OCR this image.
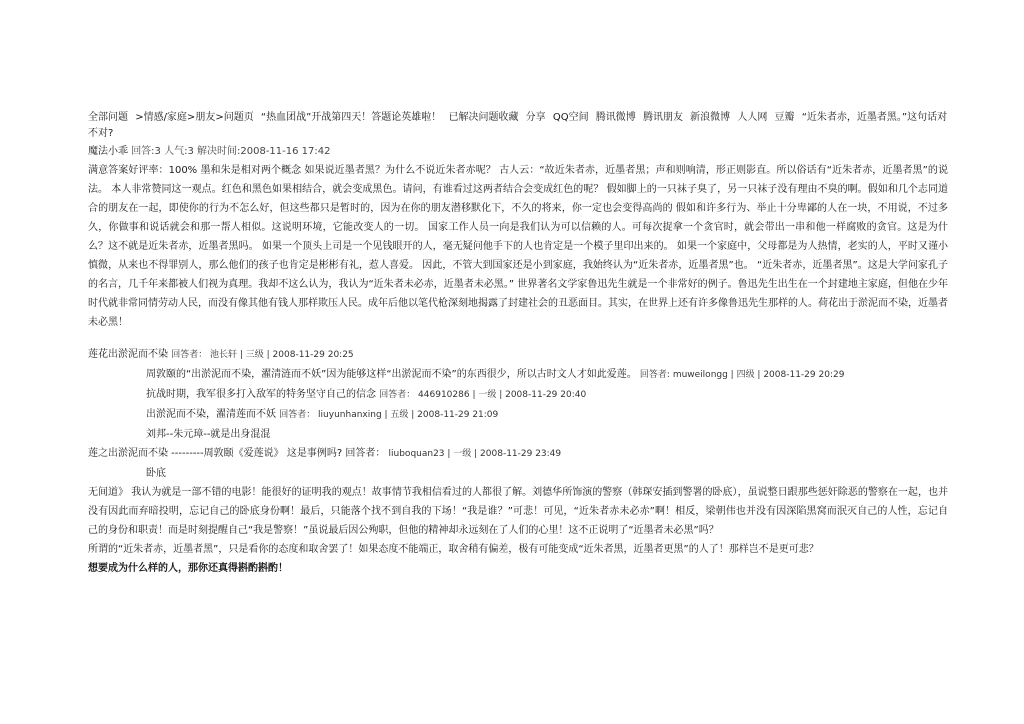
全部问题 >情感/家庭>朋友>问题页 “热血团战”开战第四天！答题论英雄啦！ 已解决问题收藏 分享 QQ空间 腾讯微博 腾讯朋友 新浪微博 人人网 豆瓣 “近朱者赤，近墨者黑。”这句话对不对?
魔法小乖 回答:3 人气:3 解决时间:2008-11-16 17:42
满意答案好评率：100% 墨和朱是相对两个概念 如果说近墨者黑？为什么不说近朱者赤呢？ 古人云：“故近朱者赤，近墨者黑；声和则响清，形正则影直。所以俗话有“近朱者赤，近墨者黑”的说法。 本人非常赞同这一观点。红色和黑色如果相结合，就会变成黑色。请问，有谁看过这两者结合会变成红色的呢？ 假如脚上的一只袜子臭了，另一只袜子没有理由不臭的啊。假如和几个志同道合的朋友在一起，即使你的行为不怎么好，但这些都只是暂时的，因为在你的朋友潜移默化下，不久的将来，你一定也会变得高尚的 假如和许多行为、举止十分卑鄙的人在一块，不用说，不过多久，你做事和说话就会和那一帮人相似。这说明环境，它能改变人的一切。 国家工作人员一向是我们认为可以信赖的人。可每次捉拿一个贪官时，就会带出一串和他一样腐败的贪官。这是为什么？这不就是近朱者赤，近墨者黑吗。 如果一个顶头上司是一个见钱眼开的人，毫无疑问他手下的人也肯定是一个模子里印出来的。 如果一个家庭中，父母都是为人热情，老实的人，平时又谨小慎微，从来也不得罪别人，那么他们的孩子也肯定是彬彬有礼，惹人喜爱。 因此，不管大到国家还是小到家庭，我始终认为“近朱者赤，近墨者黑”也。 “近朱者赤，近墨者黑”。这是大学问家孔子的名言，几千年来都被人们视为真理。我却不这么认为，我认为“近朱者未必赤，近墨者未必黑。” 世界著名文学家鲁迅先生就是一个非常好的例子。鲁迅先生出生在一个封建地主家庭，但他在少年时代就非常同情劳动人民，而没有像其他有钱人那样欺压人民。成年后他以笔代枪深刻地揭露了封建社会的丑恶面目。其实，在世界上还有许多像鲁迅先生那样的人。荷花出于淤泥而不染，近墨者未必黑！
莲花出淤泥而不染 回答者： 池长轩 | 三级 | 2008-11-29 20:25
周敦颐的“出淤泥而不染，濯清涟而不妖”因为能够这样“出淤泥而不染”的东西很少，所以古时文人才如此爱莲。 回答者: muweilongg | 四级 | 2008-11-29 20:29
抗战时期，我军很多打入敌军的特务坚守自己的信念 回答者： 446910286 | 一级 | 2008-11-29 20:40
出淤泥而不染，濯清莲而不妖 回答者： liuyunhanxing | 五级 | 2008-11-29 21:09
刘邦--朱元璋--就是出身混混
莲之出淤泥而不染 ---------周敦颐《爱莲说》 这是事例吗? 回答者： liuboquan23 | 一级 | 2008-11-29 23:49
卧底
无间道》 我认为就是一部不错的电影！能很好的证明我的观点！故事情节我相信看过的人都很了解。刘德华所饰演的警察（韩琛安插到警署的卧底），虽说整日跟那些惩奸除恶的警察在一起，也并没有因此而弃暗投明，忘记自己的卧底身份啊！最后，只能落个找不到自我的下场！“我是谁？”可悲！可见，“近朱者赤未必赤”啊！相反，梁朝伟也并没有因深陷黑窝而泯灭自己的人性，忘记自己的身份和职责！而是时刻提醒自己“我是警察！”虽说最后因公殉职，但他的精神却永远刻在了人们的心里！这不正说明了“近墨者未必黑”吗？
所谓的“近朱者赤，近墨者黑”，只是看你的态度和取舍罢了！如果态度不能端正，取舍稍有偏差，极有可能变成“近朱者黑，近墨者更黑”的人了！那样岂不是更可悲？
想要成为什么样的人，那你还真得斟酌斟酌！
